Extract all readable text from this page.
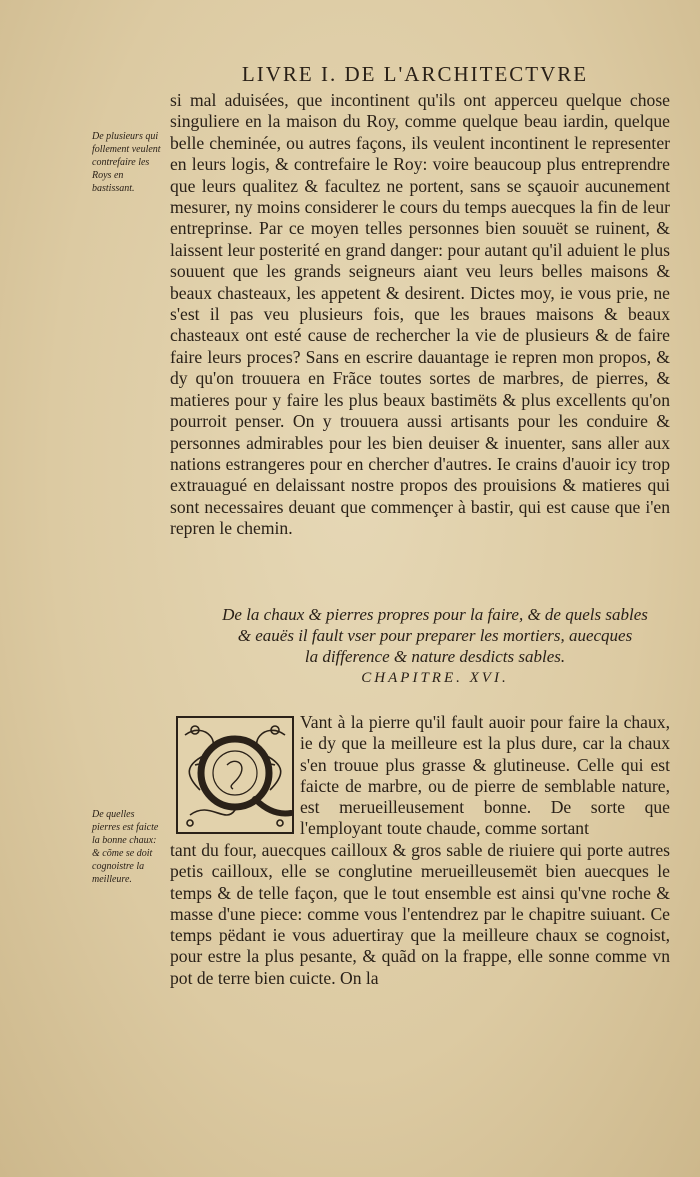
LIVRE I. DE L'ARCHITECTVRE
De plusieurs qui follement veulent contrefaire les Roys en bastissant.

si mal aduisées, que incontinent qu'ils ont apperceu quelque chose singuliere en la maison du Roy, comme quelque beau iardin, quelque belle cheminée, ou autres façons, ils veulent incontinent le representer en leurs logis, & contrefaire le Roy: voire beaucoup plus entreprendre que leurs qualitez & facultez ne portent, sans se sçauoir aucunement mesurer, ny moins considerer le cours du temps auecques la fin de leur entreprinse. Par ce moyen telles personnes bien souuët se ruinent, & laissent leur posterité en grand danger: pour autant qu'il aduient le plus souuent que les grands seigneurs aiant veu leurs belles maisons & beaux chasteaux, les appetent & desirent. Dictes moy, ie vous prie, ne s'est il pas veu plusieurs fois, que les braues maisons & beaux chasteaux ont esté cause de rechercher la vie de plusieurs & de faire faire leurs proces? Sans en escrire dauantage ie repren mon propos, & dy qu'on trouuera en Frãce toutes sortes de marbres, de pierres, & matieres pour y faire les plus beaux bastimëts & plus excellents qu'on pourroit penser. On y trouuera aussi artisants pour les conduire & personnes admirables pour les bien deuiser & inuenter, sans aller aux nations estrangeres pour en chercher d'autres. Ie crains d'auoir icy trop extrauagué en delaissant nostre propos des prouisions & matieres qui sont necessaires deuant que commençer à bastir, qui est cause que i'en repren le chemin.

De la chaux & pierres propres pour la faire, & de quels sables
& eauës il fault vser pour preparer les mortiers, auecques
la difference & nature desdicts sables.
CHAPITRE. XVI.

Vant à la pierre qu'il fault auoir pour faire la chaux, ie dy que la meilleure est la plus dure, car la chaux s'en trouue plus grasse & glutineuse. Celle qui est faicte de marbre, ou de pierre de semblable nature, est merueilleusement bonne. De sorte que l'employant toute chaude, comme sortant

De quelles pierres est faicte la bonne chaux: & cõme se doit cognoistre la meilleure.

tant du four, auecques cailloux & gros sable de riuiere qui porte autres petis cailloux, elle se conglutine merueilleusemët bien auecques le temps & de telle façon, que le tout ensemble est ainsi qu'vne roche & masse d'une piece: comme vous l'entendrez par le chapitre suiuant. Ce temps pëdant ie vous aduertiray que la meilleure chaux se cognoist, pour estre la plus pesante, & quãd on la frappe, elle sonne comme vn pot de terre bien cuicte. On la
